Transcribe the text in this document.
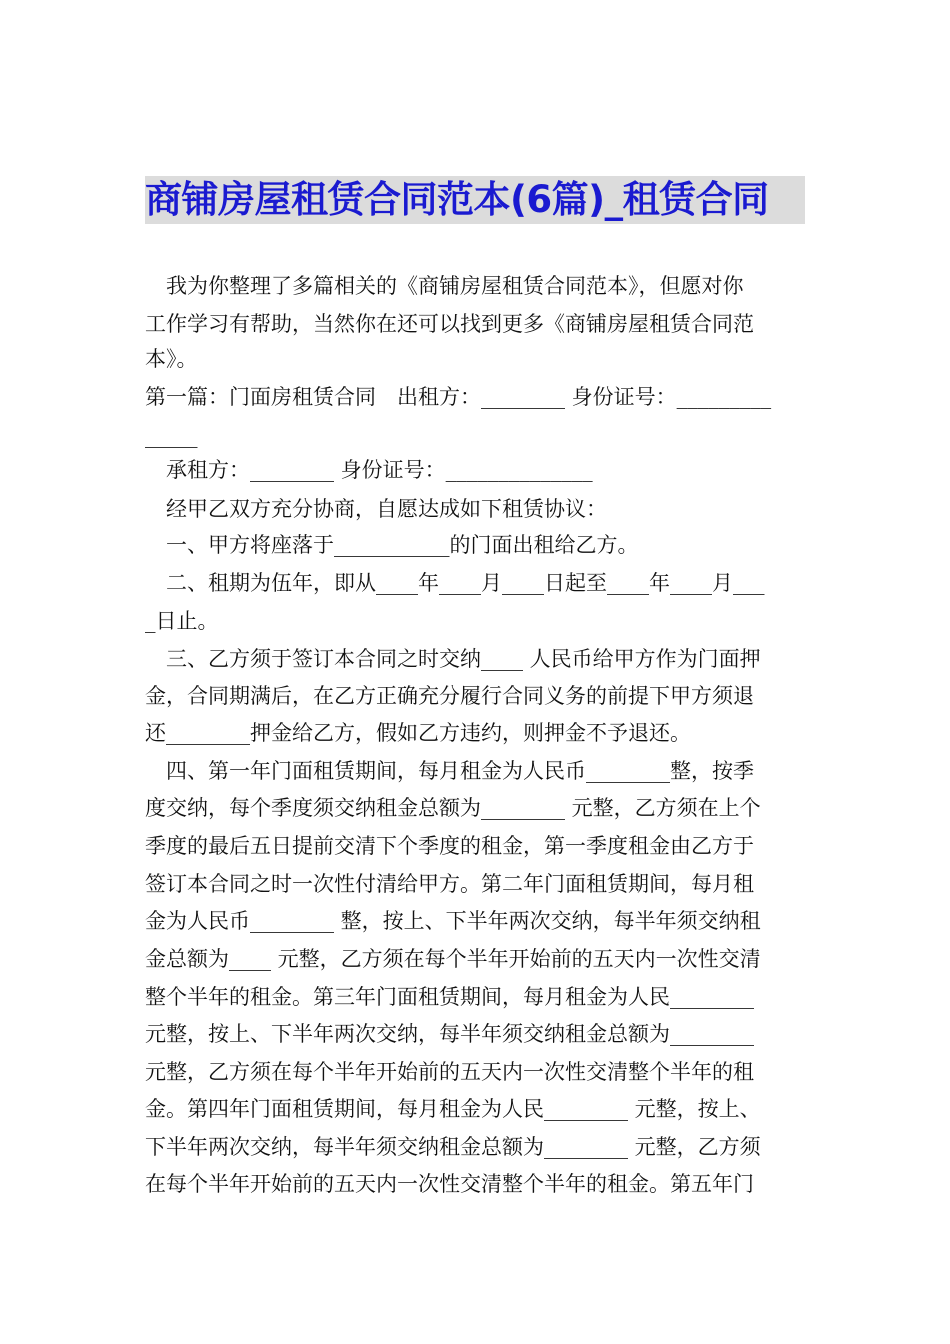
商铺房屋租赁合同范本(6篇)_租赁合同
我为你整理了多篇相关的《商铺房屋租赁合同范本》，但愿对你
工作学习有帮助，当然你在还可以找到更多《商铺房屋租赁合同范
本》。
第一篇：门面房租赁合同　出租方：________ 身份证号：_________
_____
承租方：________ 身份证号：______________
经甲乙双方充分协商，自愿达成如下租赁协议：
一、甲方将座落于___________的门面出租给乙方。
二、租期为伍年，即从____年____月____日起至____年____月___
_日止。
三、乙方须于签订本合同之时交纳____ 人民币给甲方作为门面押
金，合同期满后，在乙方正确充分履行合同义务的前提下甲方须退
还________押金给乙方，假如乙方违约，则押金不予退还。
四、第一年门面租赁期间，每月租金为人民币________整，按季
度交纳，每个季度须交纳租金总额为________ 元整，乙方须在上个
季度的最后五日提前交清下个季度的租金，第一季度租金由乙方于
签订本合同之时一次性付清给甲方。第二年门面租赁期间，每月租
金为人民币________ 整，按上、下半年两次交纳，每半年须交纳租
金总额为____ 元整，乙方须在每个半年开始前的五天内一次性交清
整个半年的租金。第三年门面租赁期间，每月租金为人民________
元整，按上、下半年两次交纳，每半年须交纳租金总额为________
元整，乙方须在每个半年开始前的五天内一次性交清整个半年的租
金。第四年门面租赁期间，每月租金为人民________ 元整，按上、
下半年两次交纳，每半年须交纳租金总额为________ 元整，乙方须
在每个半年开始前的五天内一次性交清整个半年的租金。第五年门
